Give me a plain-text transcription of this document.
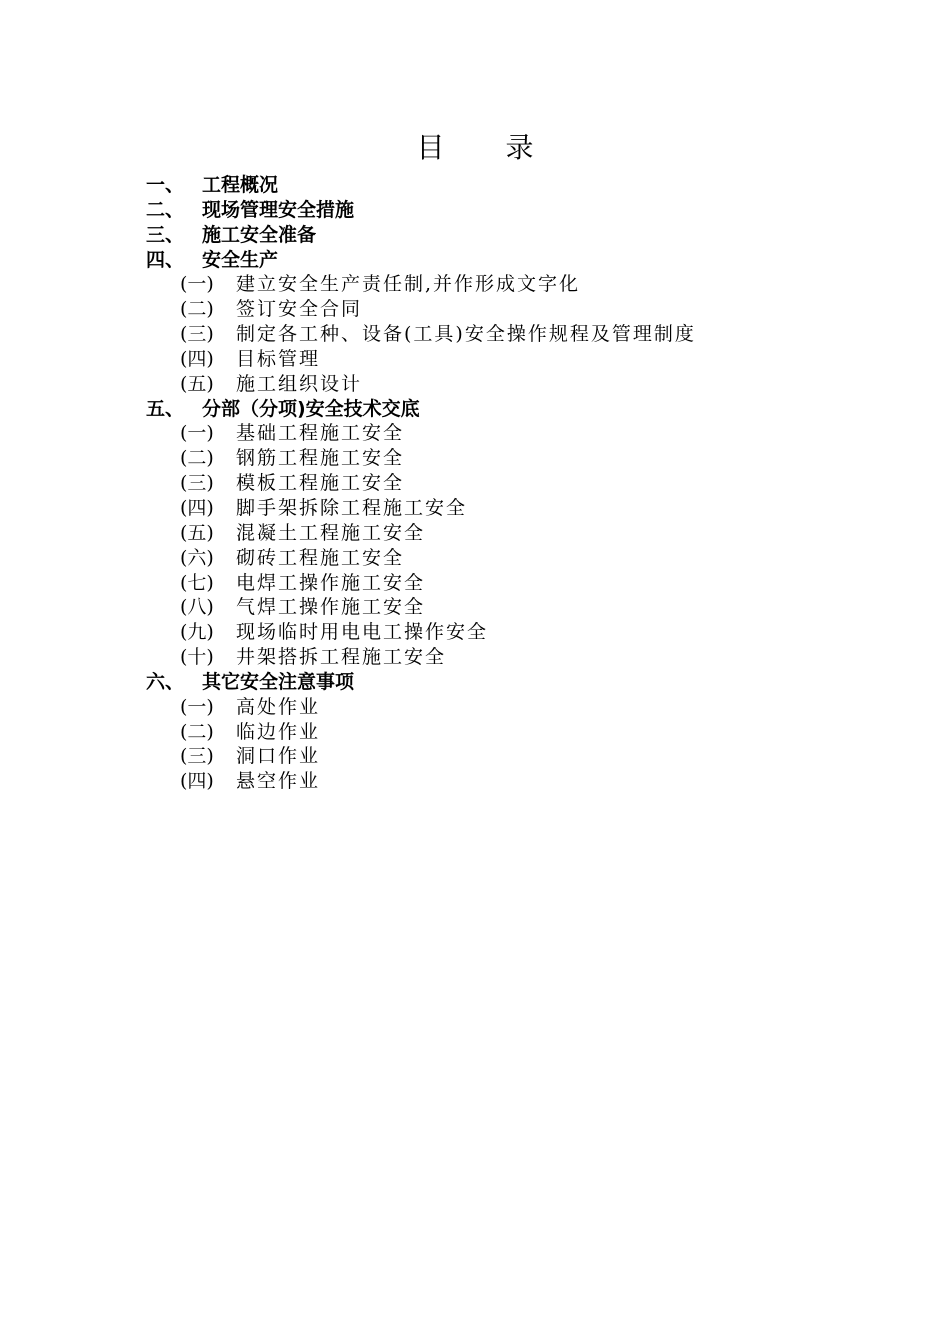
目 录
一、 工程概况
二、 现场管理安全措施
三、 施工安全准备
四、 安全生产
(一)	建立安全生产责任制,并作形成文字化
(二)	签订安全合同
(三)	制定各工种、设备(工具)安全操作规程及管理制度
(四)	目标管理
(五)	施工组织设计
五、 分部（分项)安全技术交底
(一)	基础工程施工安全
(二)	钢筋工程施工安全
(三)	模板工程施工安全
(四)	脚手架拆除工程施工安全
(五)	混凝土工程施工安全
(六)	砌砖工程施工安全
(七)	电焊工操作施工安全
(八)	气焊工操作施工安全
(九)	现场临时用电电工操作安全
(十)	井架搭拆工程施工安全
六、 其它安全注意事项
(一)	高处作业
(二)	临边作业
(三)	洞口作业
(四)	悬空作业
